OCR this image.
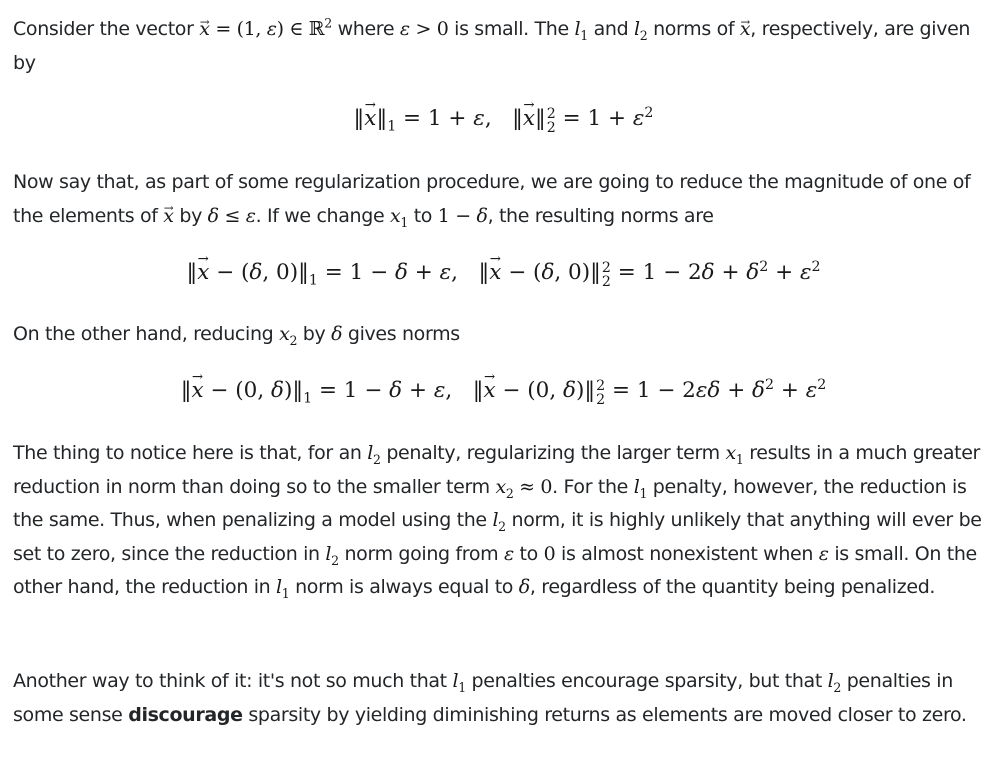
Consider the vector → x = (1, ε) ∈ ℝ$^2$ where ε > 0 is small. The $l_1$ and $l_2$ norms of → x, respectively, are given by

‖→ $x‖_1 = 1 + \varepsilon$,   ‖→ x‖ 2
$2 = 1 + \varepsilon^2$

Now say that, as part of some regularization procedure, we are going to reduce the magnitude of one of the elements of → x by δ ≤ ε. If we change $x_1$ to 1 − δ, the resulting norms are

‖→ x − (δ, $0)‖_1 = 1 - \delta + \varepsilon$,   ‖→ x − (δ, 0)‖ 2
$2 = 1 - 2\delta + \delta^2 + \varepsilon^2$

On the other hand, reducing $x_2$ by δ gives norms

‖→ x − (0, $\delta)‖_1 = 1 - \delta + \varepsilon$,   ‖→ x − (0, δ)‖ 2
$2 = 1 - 2\varepsilon\delta + \delta^2 + \varepsilon^2$

The thing to notice here is that, for an $l_2$ penalty, regularizing the larger term $x_1$ results in a much greater reduction in norm than doing so to the smaller term $x_2 \approx 0$. For the $l_1$ penalty, however, the reduction is the same. Thus, when penalizing a model using the $l_2$ norm, it is highly unlikely that anything will ever be set to zero, since the reduction in $l_2$ norm going from ε to 0 is almost nonexistent when ε is small. On the other hand, the reduction in $l_1$ norm is always equal to δ, regardless of the quantity being penalized.

Another way to think of it: it's not so much that $l_1$ penalties encourage sparsity, but that $l_2$ penalties in some sense discourage sparsity by yielding diminishing returns as elements are moved closer to zero.
